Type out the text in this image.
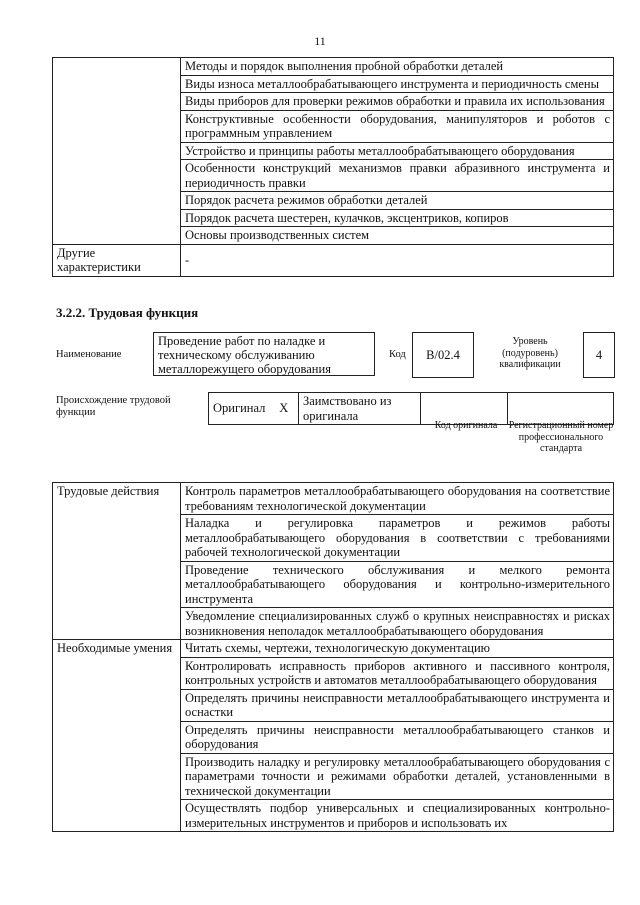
11
	Методы и порядок выполнения пробной обработки деталей
	Виды износа металлообрабатывающего инструмента и периодичность смены
	Виды приборов для проверки режимов обработки и правила их использования
	Конструктивные особенности оборудования, манипуляторов и роботов с программным управлением
	Устройство и принципы работы металлообрабатывающего оборудования
	Особенности конструкций механизмов правки абразивного инструмента и периодичность правки
	Порядок расчета режимов обработки деталей
	Порядок расчета шестерен, кулачков, эксцентриков, копиров
	Основы производственных систем
Другие характеристики	-
3.2.2. Трудовая функция
Наименование
Проведение работ по наладке и техническому обслуживанию металлорежущего оборудования
Код	B/02.4
Уровень (подуровень) квалификации
4
Происхождение трудовой функции	Оригинал	X	Заимствовано из оригинала		
Код оригинала	Регистрационный номер профессионального стандарта
Трудовые действия	Контроль параметров металлообрабатывающего оборудования на соответствие требованиям технологической документации
	Наладка и регулировка параметров и режимов работы металлообрабатывающего оборудования в соответствии с требованиями рабочей технологической документации
	Проведение технического обслуживания и мелкого ремонта металлообрабатывающего оборудования и контрольно-измерительного инструмента
	Уведомление специализированных служб о крупных неисправностях и рисках возникновения неполадок металлообрабатывающего оборудования
Необходимые умения	Читать схемы, чертежи, технологическую документацию
	Контролировать исправность приборов активного и пассивного контроля, контрольных устройств и автоматов металлообрабатывающего оборудования
	Определять причины неисправности металлообрабатывающего инструмента и оснастки
	Определять причины неисправности металлообрабатывающего станков и оборудования
	Производить наладку и регулировку металлообрабатывающего оборудования с параметрами точности и режимами обработки деталей, установленными в технической документации
	Осуществлять подбор универсальных и специализированных контрольно-измерительных инструментов и приборов и использовать их
